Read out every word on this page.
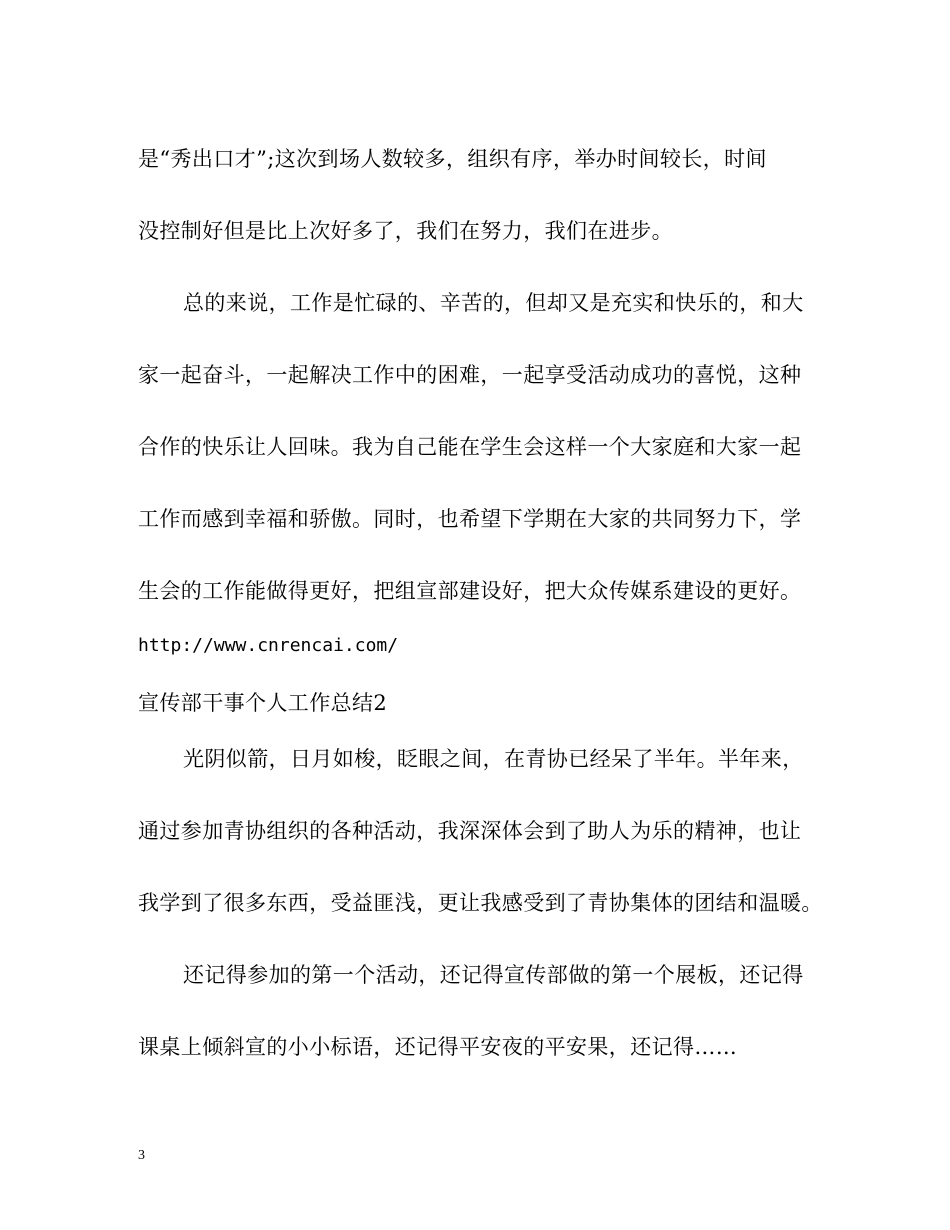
是“秀出口才”;这次到场人数较多，组织有序，举办时间较长，时间
没控制好但是比上次好多了，我们在努力，我们在进步。
总的来说，工作是忙碌的、辛苦的，但却又是充实和快乐的，和大
家一起奋斗，一起解决工作中的困难，一起享受活动成功的喜悦，这种
合作的快乐让人回味。我为自己能在学生会这样一个大家庭和大家一起
工作而感到幸福和骄傲。同时，也希望下学期在大家的共同努力下，学
生会的工作能做得更好，把组宣部建设好，把大众传媒系建设的更好。
http://www.cnrencai.com/
宣传部干事个人工作总结2
光阴似箭，日月如梭，眨眼之间，在青协已经呆了半年。半年来，
通过参加青协组织的各种活动，我深深体会到了助人为乐的精神，也让
我学到了很多东西，受益匪浅，更让我感受到了青协集体的团结和温暖。
还记得参加的第一个活动，还记得宣传部做的第一个展板，还记得
课桌上倾斜宣的小小标语，还记得平安夜的平安果，还记得……
3
